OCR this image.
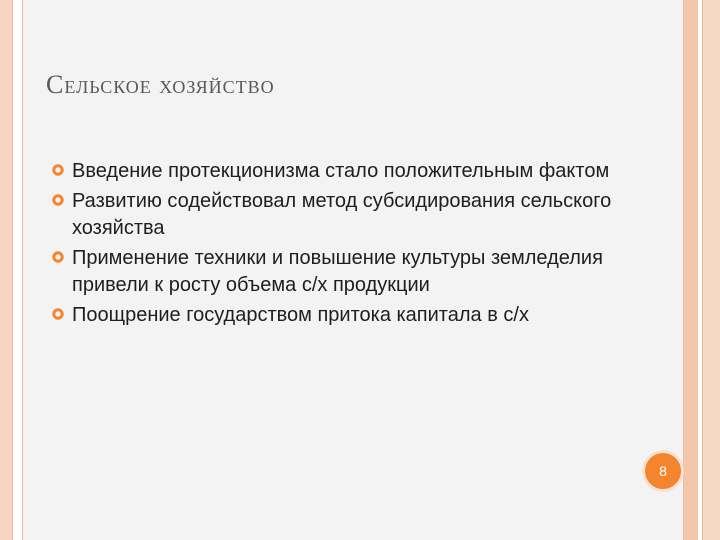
Сельское хозяйство
Введение протекционизма стало положительным фактом
Развитию содействовал метод субсидирования сельского хозяйства
Применение техники и повышение культуры земледелия привели к росту объема с/х продукции
Поощрение государством притока капитала в с/х
8
